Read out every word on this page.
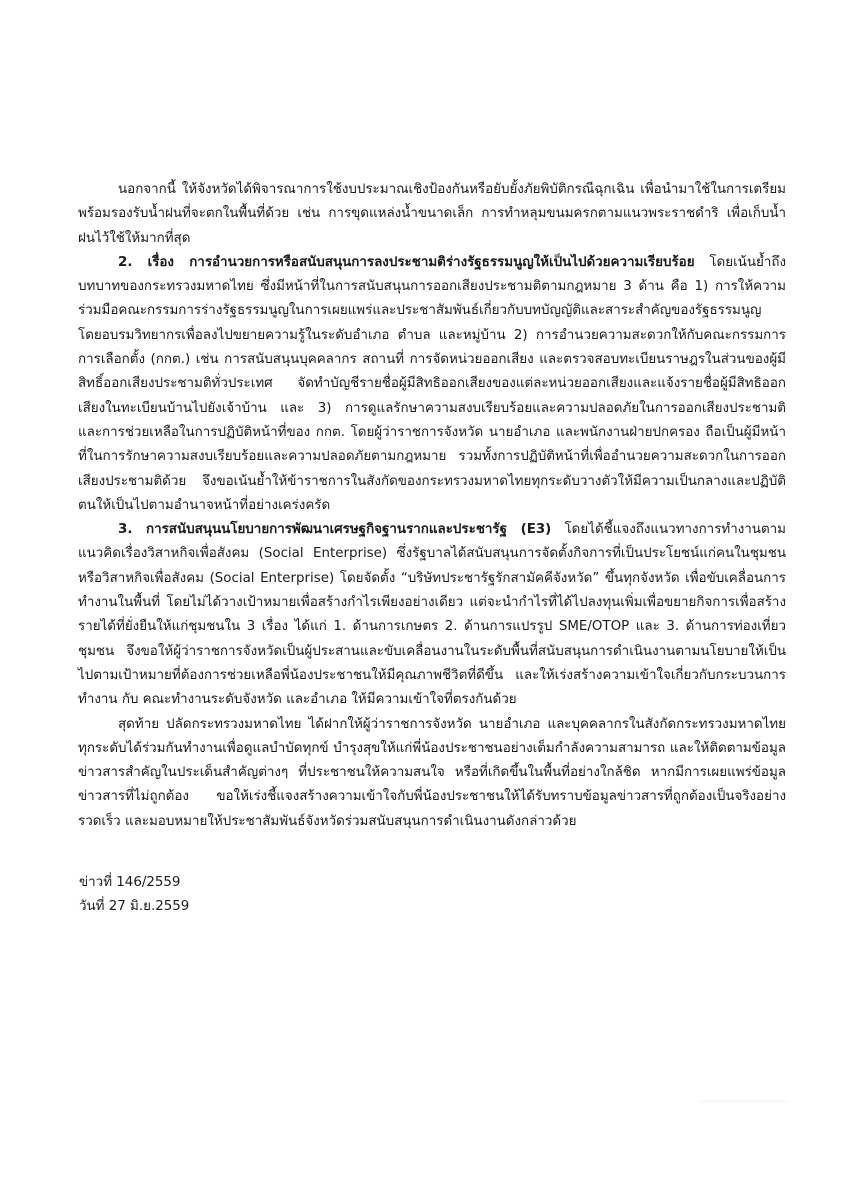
นอกจากนี้ ให้จังหวัดได้พิจารณาการใช้งบประมาณเชิงป้องกันหรือยับยั้งภัยพิบัติกรณีฉุกเฉิน เพื่อนำมาใช้ในการเตรียมพร้อมรองรับน้ำฝนที่จะตกในพื้นที่ด้วย เช่น การขุดแหล่งน้ำขนาดเล็ก การทำหลุมขนมครกตามแนวพระราชดำริ เพื่อเก็บน้ำฝนไว้ใช้ให้มากที่สุด

2. เรื่อง การอำนวยการหรือสนับสนุนการลงประชามติร่างรัฐธรรมนูญให้เป็นไปด้วยความเรียบร้อย โดยเน้นย้ำถึงบทบาทของกระทรวงมหาดไทย ซึ่งมีหน้าที่ในการสนับสนุนการออกเสียงประชามติตามกฎหมาย 3 ด้าน คือ 1) การให้ความร่วมมือคณะกรรมการร่างรัฐธรรมนูญในการเผยแพร่และประชาสัมพันธ์เกี่ยวกับบทบัญญัติและสาระสำคัญของรัฐธรรมนูญ โดยอบรมวิทยากรเพื่อลงไปขยายความรู้ในระดับอำเภอ ตำบล และหมู่บ้าน 2) การอำนวยความสะดวกให้กับคณะกรรมการการเลือกตั้ง (กกต.) เช่น การสนับสนุนบุคคลากร สถานที่ การจัดหน่วยออกเสียง และตรวจสอบทะเบียนราษฎรในส่วนของผู้มีสิทธิ์ออกเสียงประชามติทั่วประเทศ จัดทำบัญชีรายชื่อผู้มีสิทธิออกเสียงของแต่ละหน่วยออกเสียงและแจ้งรายชื่อผู้มีสิทธิออกเสียงในทะเบียนบ้านไปยังเจ้าบ้าน และ 3) การดูแลรักษาความสงบเรียบร้อยและความปลอดภัยในการออกเสียงประชามติ และการช่วยเหลือในการปฏิบัติหน้าที่ของ กกต. โดยผู้ว่าราชการจังหวัด นายอำเภอ และพนักงานฝ่ายปกครอง ถือเป็นผู้มีหน้าที่ในการรักษาความสงบเรียบร้อยและความปลอดภัยตามกฎหมาย รวมทั้งการปฏิบัติหน้าที่เพื่ออำนวยความสะดวกในการออกเสียงประชามติด้วย จึงขอเน้นย้ำให้ข้าราชการในสังกัดของกระทรวงมหาดไทยทุกระดับวางตัวให้มีความเป็นกลางและปฏิบัติตนให้เป็นไปตามอำนาจหน้าที่อย่างเคร่งครัด

3. การสนับสนุนนโยบายการพัฒนาเศรษฐกิจฐานรากและประชารัฐ (E3) โดยได้ชี้แจงถึงแนวทางการทำงานตามแนวคิดเรื่องวิสาหกิจเพื่อสังคม (Social Enterprise) ซึ่งรัฐบาลได้สนับสนุนการจัดตั้งกิจการที่เป็นประโยชน์แก่คนในชุมชนหรือวิสาหกิจเพื่อสังคม (Social Enterprise) โดยจัดตั้ง “บริษัทประชารัฐรักสามัคคีจังหวัด” ขึ้นทุกจังหวัด เพื่อขับเคลื่อนการทำงานในพื้นที่ โดยไม่ได้วางเป้าหมายเพื่อสร้างกำไรเพียงอย่างเดียว แต่จะนำกำไรที่ได้ไปลงทุนเพิ่มเพื่อขยายกิจการเพื่อสร้างรายได้ที่ยั่งยืนให้แก่ชุมชนใน 3 เรื่อง ได้แก่ 1. ด้านการเกษตร 2. ด้านการแปรรูป SME/OTOP และ 3. ด้านการท่องเที่ยวชุมชน จึงขอให้ผู้ว่าราชการจังหวัดเป็นผู้ประสานและขับเคลื่อนงานในระดับพื้นที่สนับสนุนการดำเนินงานตามนโยบายให้เป็นไปตามเป้าหมายที่ต้องการช่วยเหลือพี่น้องประชาชนให้มีคุณภาพชีวิตที่ดีขึ้น และให้เร่งสร้างความเข้าใจเกี่ยวกับกระบวนการทำงาน กับ คณะทำงานระดับจังหวัด และอำเภอ ให้มีความเข้าใจที่ตรงกันด้วย

สุดท้าย ปลัดกระทรวงมหาดไทย ได้ฝากให้ผู้ว่าราชการจังหวัด นายอำเภอ และบุคคลากรในสังกัดกระทรวงมหาดไทยทุกระดับได้ร่วมกันทำงานเพื่อดูแลบำบัดทุกข์ บำรุงสุขให้แก่พี่น้องประชาชนอย่างเต็มกำลังความสามารถ และให้ติดตามข้อมูลข่าวสารสำคัญในประเด็นสำคัญต่างๆ ที่ประชาชนให้ความสนใจ หรือที่เกิดขึ้นในพื้นที่อย่างใกล้ชิด หากมีการเผยแพร่ข้อมูลข่าวสารที่ไม่ถูกต้อง ขอให้เร่งชี้แจงสร้างความเข้าใจกับพี่น้องประชาชนให้ได้รับทราบข้อมูลข่าวสารที่ถูกต้องเป็นจริงอย่างรวดเร็ว และมอบหมายให้ประชาสัมพันธ์จังหวัดร่วมสนับสนุนการดำเนินงานดังกล่าวด้วย

ข่าวที่ 146/2559
วันที่ 27 มิ.ย.2559
